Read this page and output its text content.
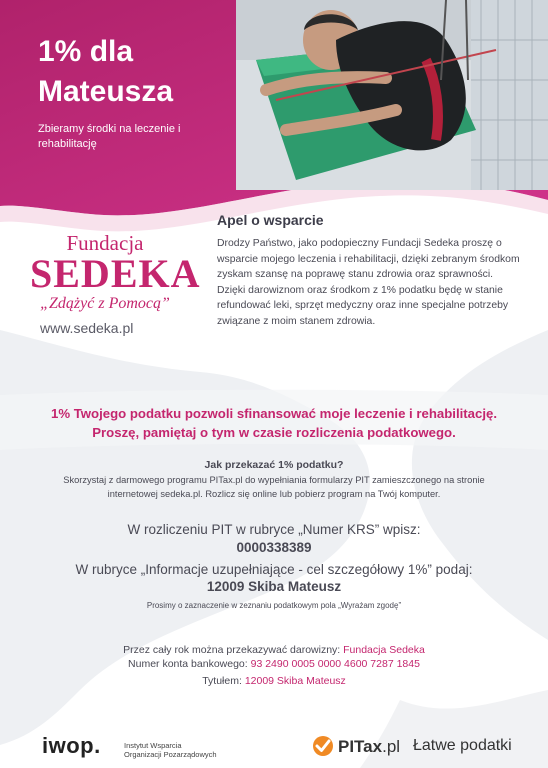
1% dla
Mateusza
Zbieramy środki na leczenie i rehabilitację
Fundacja
SEDEKA
„Zdążyć z Pomocą”
www.sedeka.pl
Apel o wsparcie
Drodzy Państwo, jako podopieczny Fundacji Sedeka proszę o wsparcie mojego leczenia i rehabilitacji, dzięki zebranym środkom zyskam szansę na poprawę stanu zdrowia oraz sprawności. Dzięki darowiznom oraz środkom z 1% podatku będę w stanie refundować leki, sprzęt medyczny oraz inne specjalne potrzeby związane z moim stanem zdrowia.
1% Twojego podatku pozwoli sfinansować moje leczenie i rehabilitację.
Proszę, pamiętaj o tym w czasie rozliczenia podatkowego.
Jak przekazać 1% podatku?
Skorzystaj z darmowego programu PITax.pl do wypełniania formularzy PIT zamieszczonego na stronie internetowej sedeka.pl. Rozlicz się online lub pobierz program na Twój komputer.
W rozliczeniu PIT w rubryce „Numer KRS” wpisz:
0000338389
W rubryce „Informacje uzupełniające - cel szczegółowy 1%” podaj:
12009 Skiba Mateusz
Prosimy o zaznaczenie w zeznaniu podatkowym pola „Wyrażam zgodę”
Przez cały rok można przekazywać darowizny: Fundacja Sedeka
Numer konta bankowego: 93 2490 0005 0000 4600 7287 1845
Tytułem: 12009 Skiba Mateusz
iwop.	Instytut Wsparcia
Organizacji Pozarządowych	PITax.pl Łatwe podatki
